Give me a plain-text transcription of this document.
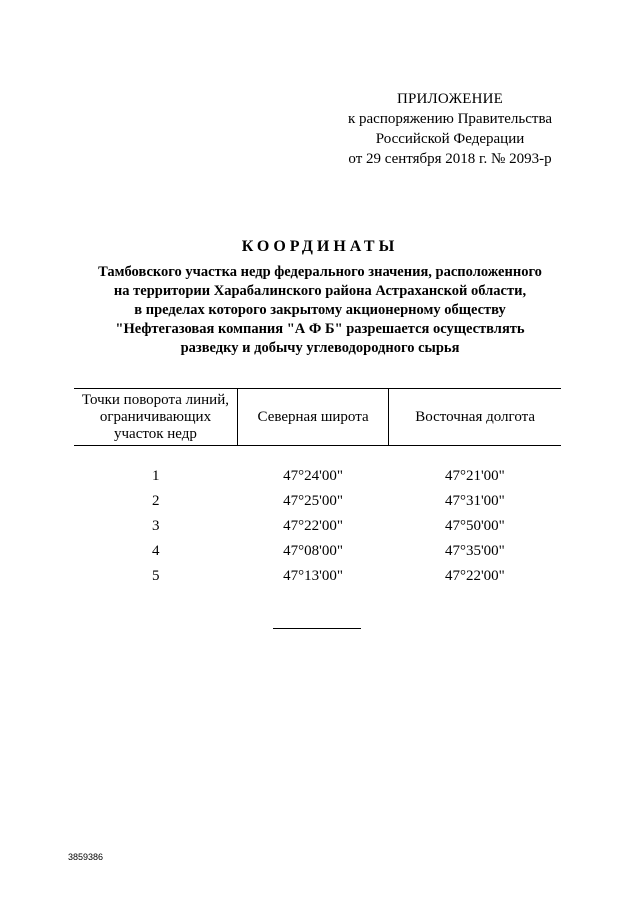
ПРИЛОЖЕНИЕ
к распоряжению Правительства
Российской Федерации
от 29 сентября 2018 г. № 2093-р
КООРДИНАТЫ
Тамбовского участка недр федерального значения, расположенного
на территории Харабалинского района Астраханской области,
в пределах которого закрытому акционерному обществу
"Нефтегазовая компания "А Ф Б" разрешается осуществлять
разведку и добычу углеводородного сырья
Точки поворота линий, ограничивающих участок недр	Северная широта	Восточная долгота
1	47°24'00"	47°21'00"
2	47°25'00"	47°31'00"
3	47°22'00"	47°50'00"
4	47°08'00"	47°35'00"
5	47°13'00"	47°22'00"
3859386
